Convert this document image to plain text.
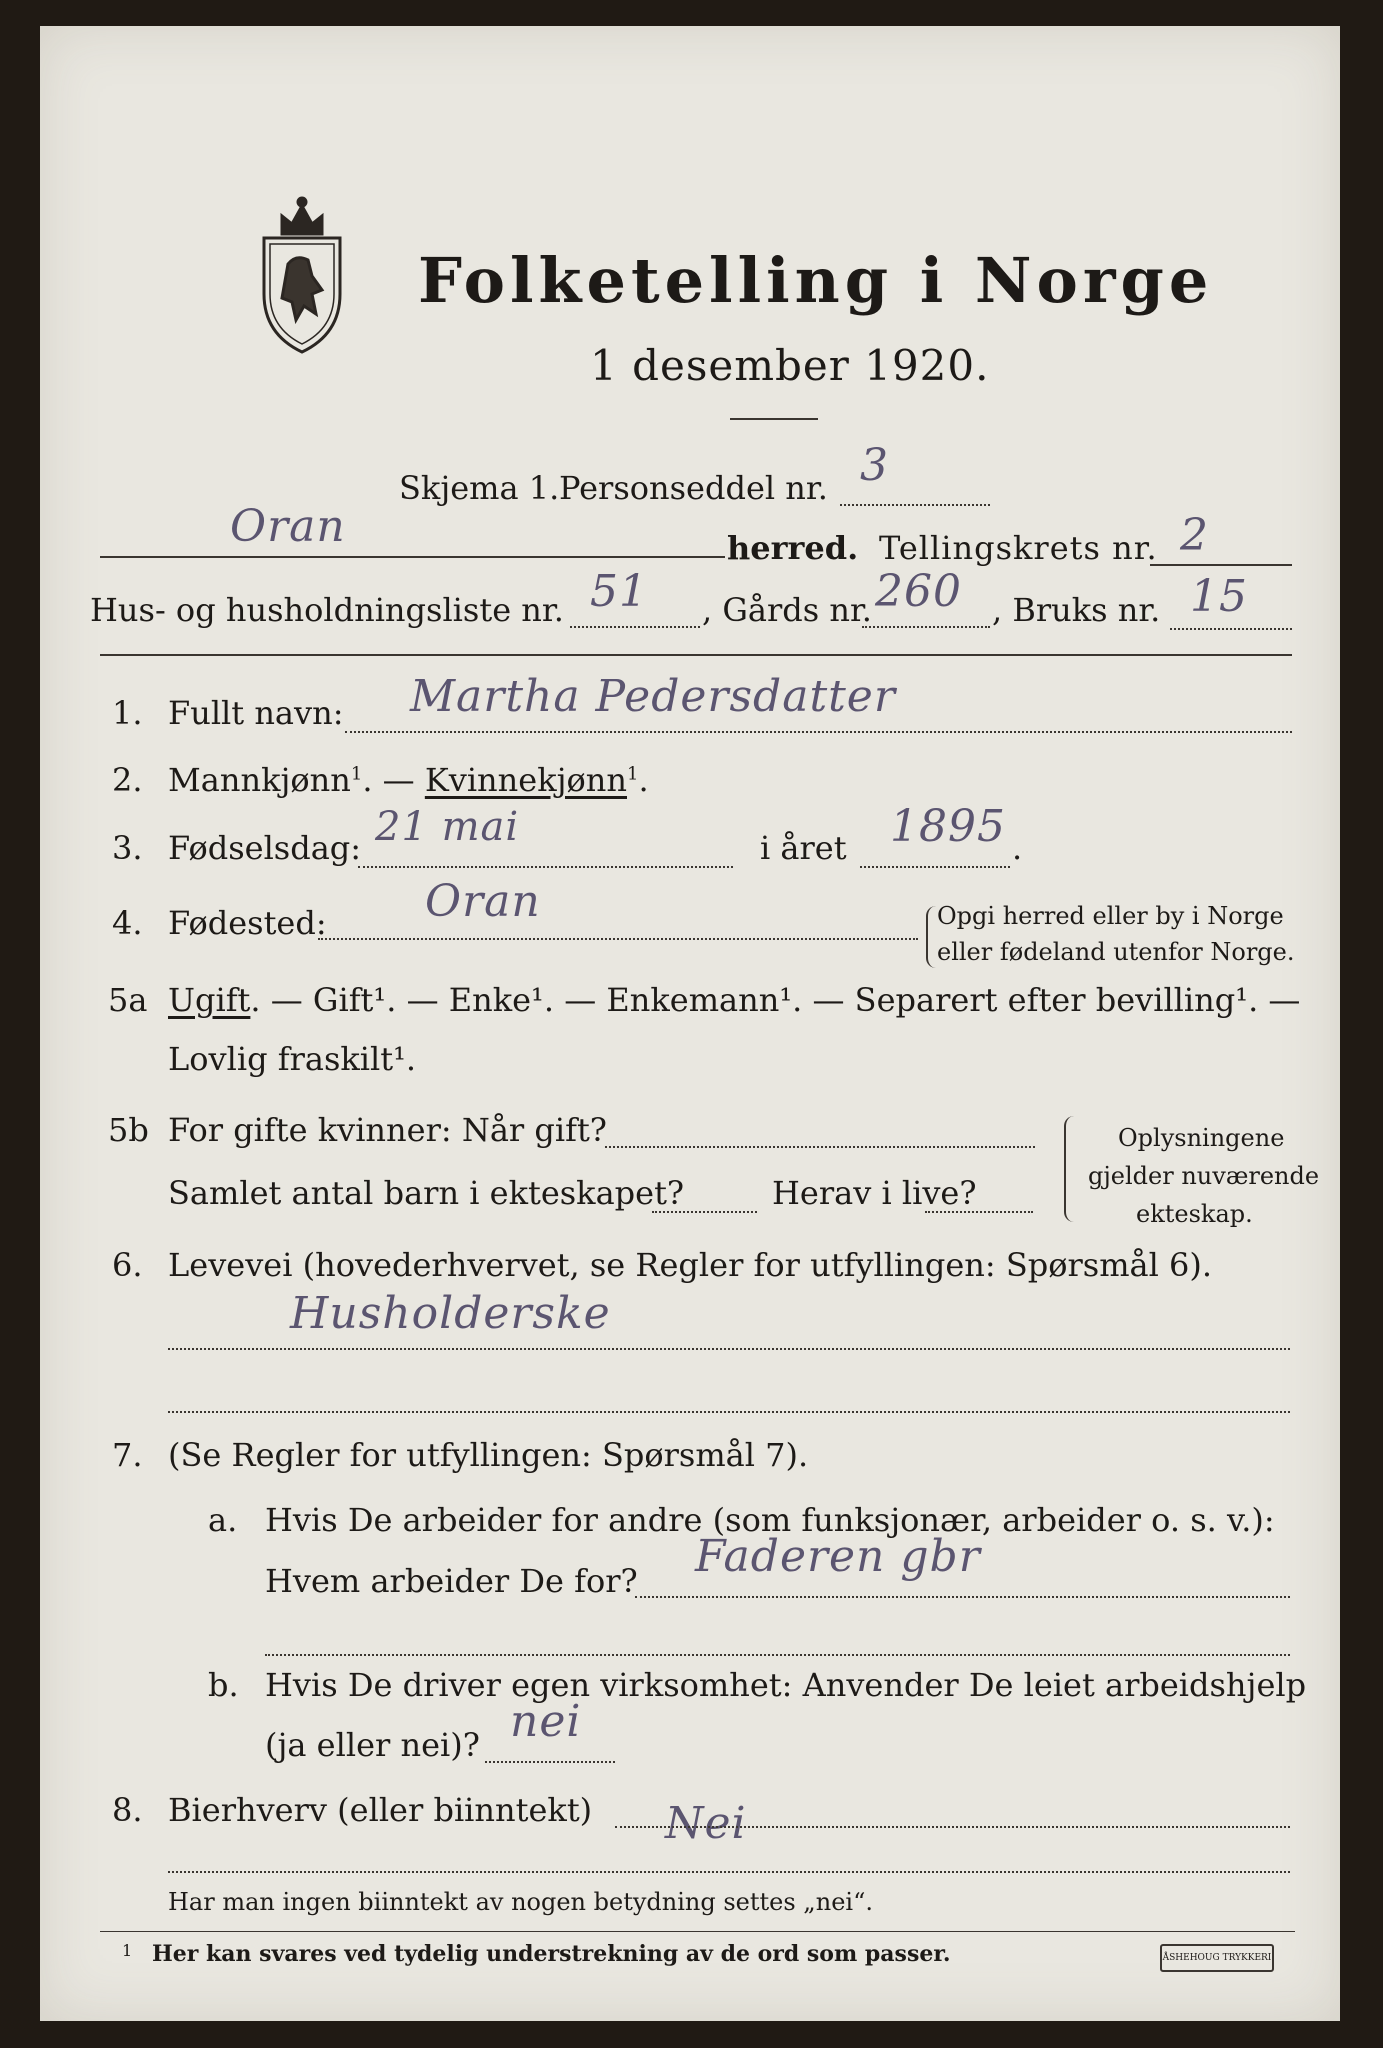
Folketelling i Norge
1 desember 1920.
Skjema 1. Personseddel nr. 3
Oran	herred. Tellingskrets nr. 2
Hus- og husholdningsliste nr. 51 , Gårds nr. 260 , Bruks nr. 15
1. Fullt navn: Martha Pedersdatter
2. Mannkjønn$^1$. — Kvinnekjønn$^1$.
3. Fødselsdag: 21 mai	i året 1895 .
4. Fødested: Oran	Opgi herred eller by i Norge
eller fødeland utenfor Norge.
5a Ugift. — Gift¹. — Enke¹. — Enkemann¹. — Separert efter bevilling¹. —
Lovlig fraskilt¹.
5b For gifte kvinner: Når gift?
Samlet antal barn i ekteskapet?	Herav i live?
Oplysningene
gjelder nuværende
ekteskap.
6. Levevei (hovederhvervet, se Regler for utfyllingen: Spørsmål 6).
Husholderske
7. (Se Regler for utfyllingen: Spørsmål 7).
a. Hvis De arbeider for andre (som funksjonær, arbeider o. s. v.):
Hvem arbeider De for? Faderen gbr
b. Hvis De driver egen virksomhet: Anvender De leiet arbeidshjelp
(ja eller nei)? nei
8. Bierhverv (eller biinntekt) Nei
Har man ingen biinntekt av nogen betydning settes „nei“.
1 Her kan svares ved tydelig understrekning av de ord som passer.	ÅSHEHOUG TRYKKERI
